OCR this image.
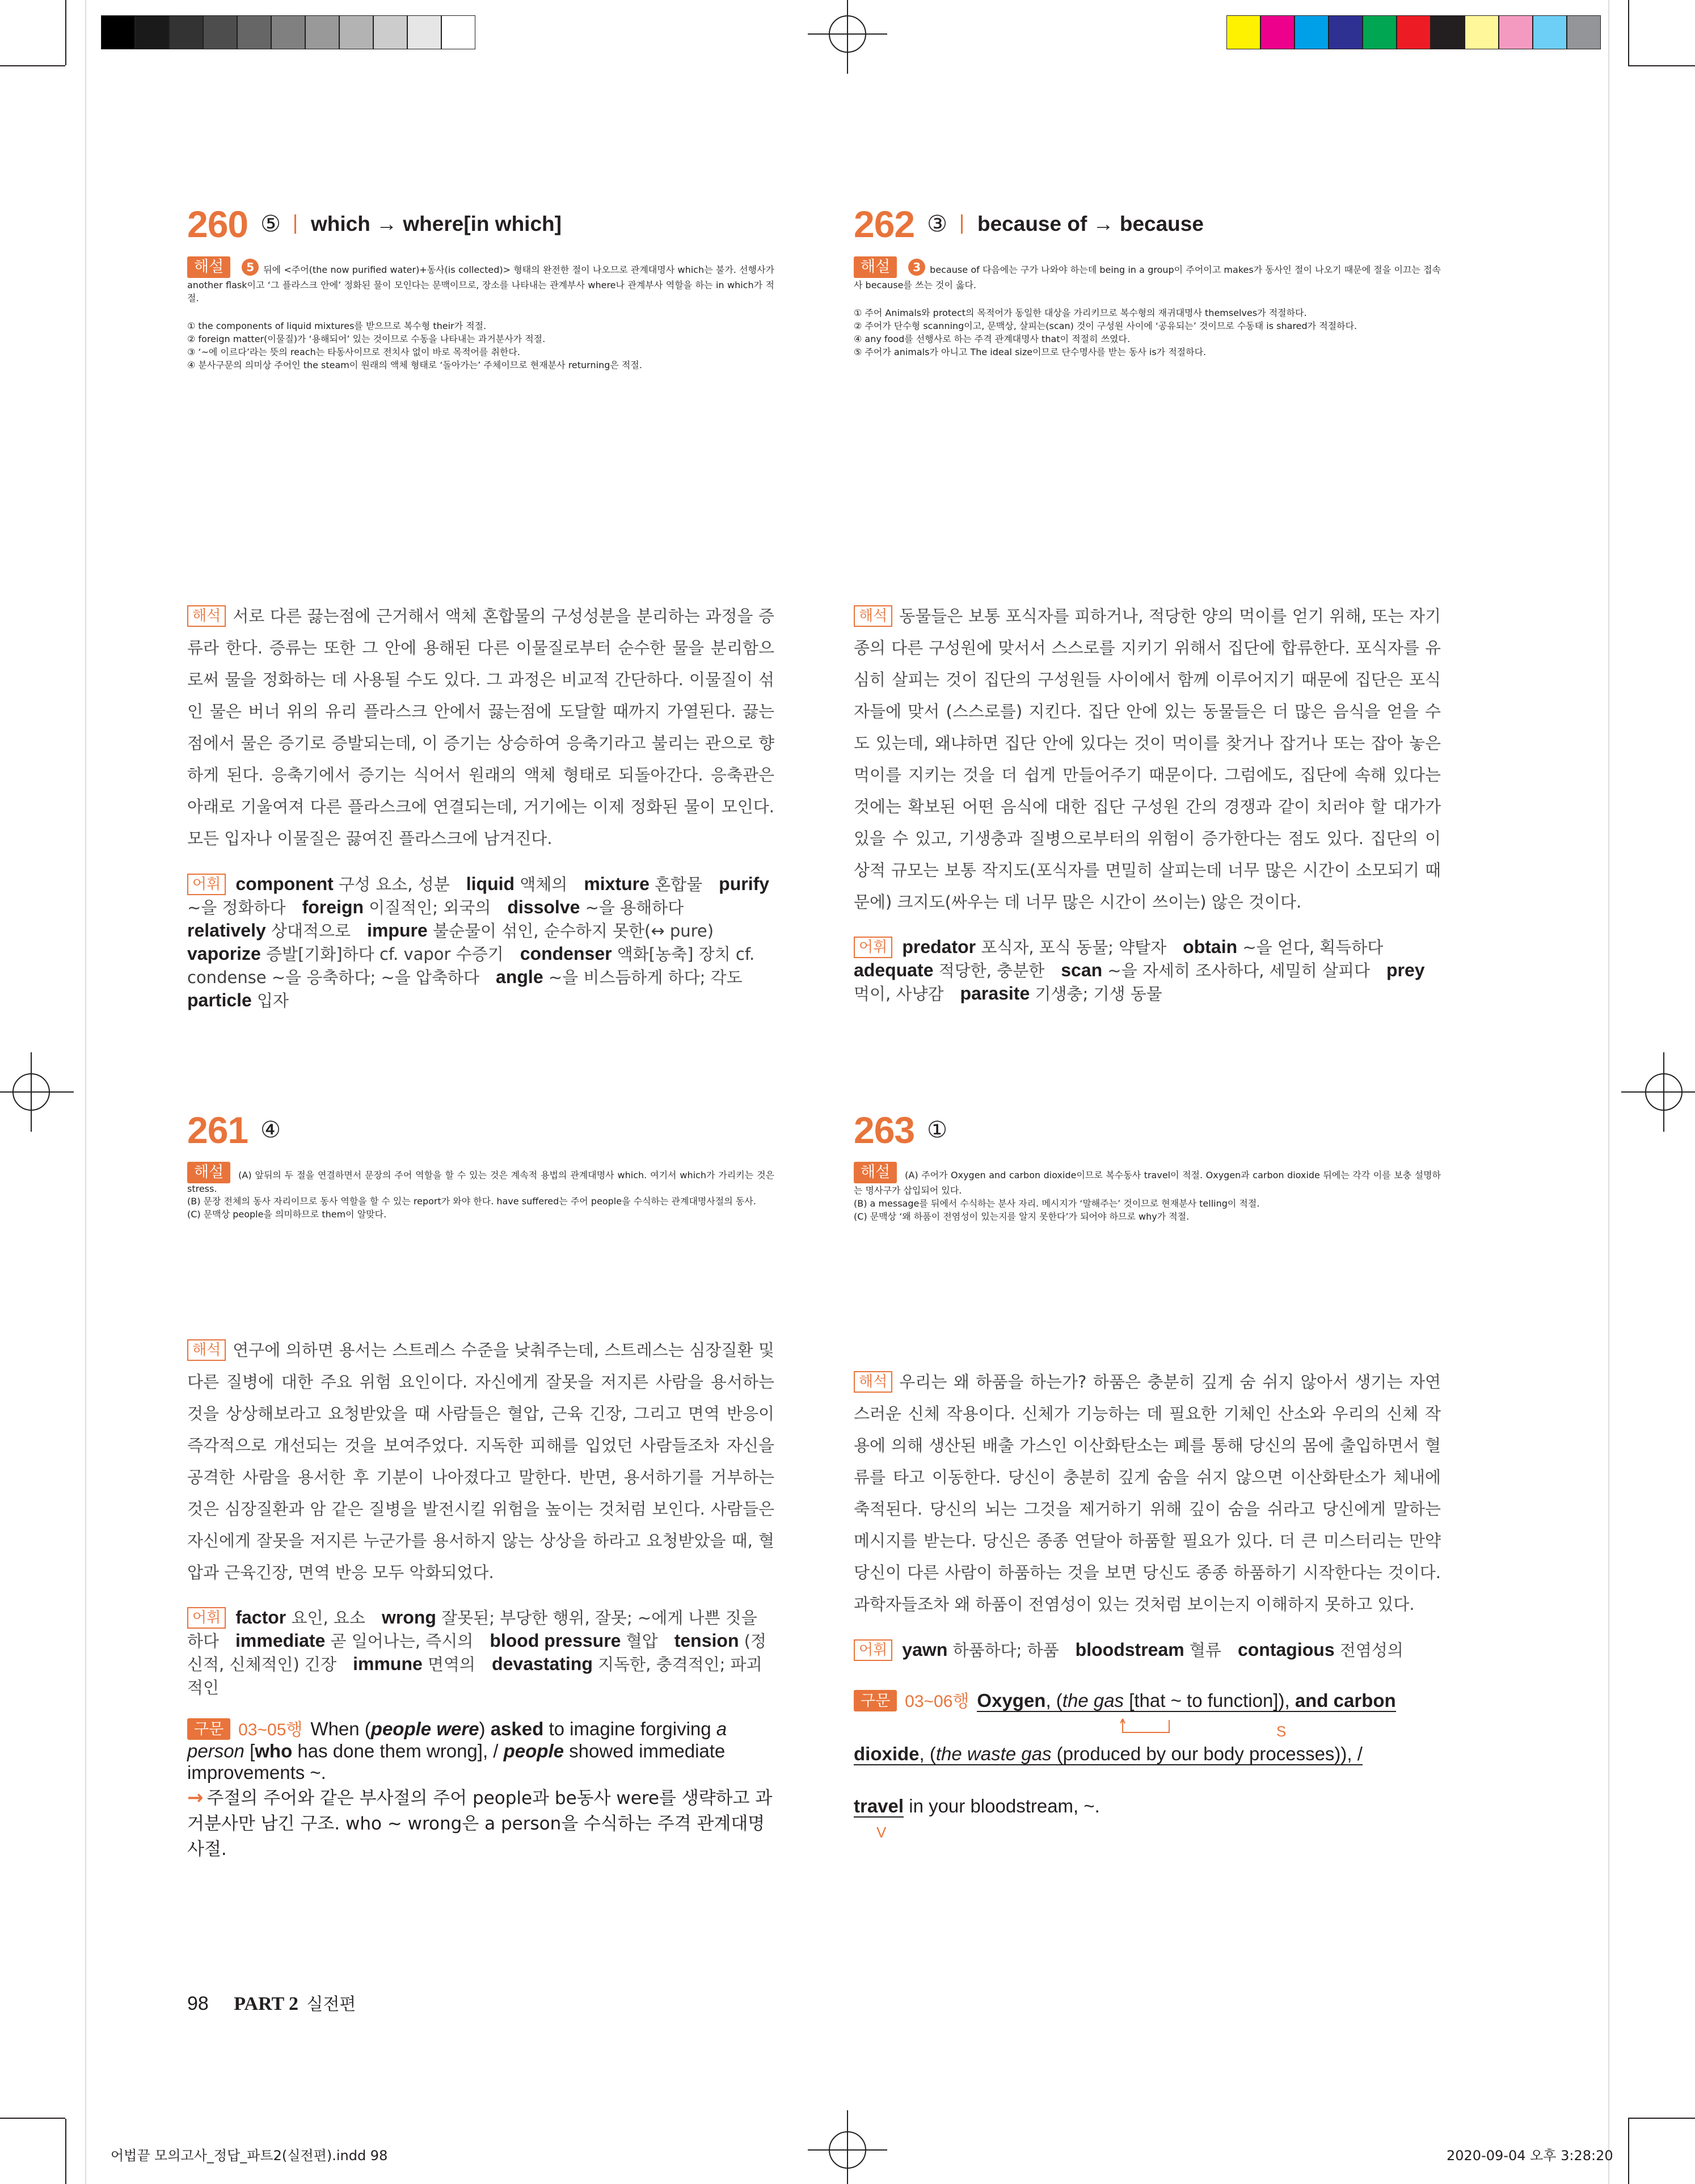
260 ⑤ which → where[in which]

해설 5 뒤에 <주어(the now purified water)+동사(is collected)> 형태의 완전한 절이 나오므로 관계대명사 which는 불가. 선행사가 another flask이고 ‘그 플라스크 안에’ 정화된 물이 모인다는 문맥이므로, 장소를 나타내는 관계부사 where나 관계부사 역할을 하는 in which가 적절.

① the components of liquid mixtures를 받으므로 복수형 their가 적절.

② foreign matter(이물질)가 ‘용해되어’ 있는 것이므로 수동을 나타내는 과거분사가 적절.

③ ‘~에 이르다’라는 뜻의 reach는 타동사이므로 전치사 없이 바로 목적어를 취한다.

④ 분사구문의 의미상 주어인 the steam이 원래의 액체 형태로 ‘돌아가는’ 주체이므로 현재분사 returning은 적절.

해석 서로 다른 끓는점에 근거해서 액체 혼합물의 구성성분을 분리하는 과정을 증류라 한다. 증류는 또한 그 안에 용해된 다른 이물질로부터 순수한 물을 분리함으로써 물을 정화하는 데 사용될 수도 있다. 그 과정은 비교적 간단하다. 이물질이 섞인 물은 버너 위의 유리 플라스크 안에서 끓는점에 도달할 때까지 가열된다. 끓는점에서 물은 증기로 증발되는데, 이 증기는 상승하여 응축기라고 불리는 관으로 향하게 된다. 응축기에서 증기는 식어서 원래의 액체 형태로 되돌아간다. 응축관은 아래로 기울여져 다른 플라스크에 연결되는데, 거기에는 이제 정화된 물이 모인다. 모든 입자나 이물질은 끓여진 플라스크에 남겨진다.
어휘 component 구성 요소, 성분 liquid 액체의 mixture 혼합물 purify ~을 정화하다 foreign 이질적인; 외국의 dissolve ~을 용해하다 relatively 상대적으로 impure 불순물이 섞인, 순수하지 못한(↔ pure) vaporize 증발[기화]하다 cf. vapor 수증기 condenser 액화[농축] 장치 cf. condense ~을 응축하다; ~을 압축하다 angle ~을 비스듬하게 하다; 각도 particle 입자 
262 ③ because of → because

해설 3 because of 다음에는 구가 나와야 하는데 being in a group이 주어이고 makes가 동사인 절이 나오기 때문에 절을 이끄는 접속사 because를 쓰는 것이 옳다.

① 주어 Animals와 protect의 목적어가 동일한 대상을 가리키므로 복수형의 재귀대명사 themselves가 적절하다.

② 주어가 단수형 scanning이고, 문맥상, 살피는(scan) 것이 구성원 사이에 ‘공유되는’ 것이므로 수동태 is shared가 적절하다.

④ any food를 선행사로 하는 주격 관계대명사 that이 적절히 쓰였다.

⑤ 주어가 animals가 아니고 The ideal size이므로 단수명사를 받는 동사 is가 적절하다.

해석 동물들은 보통 포식자를 피하거나, 적당한 양의 먹이를 얻기 위해, 또는 자기 종의 다른 구성원에 맞서서 스스로를 지키기 위해서 집단에 합류한다. 포식자를 유심히 살피는 것이 집단의 구성원들 사이에서 함께 이루어지기 때문에 집단은 포식자들에 맞서 (스스로를) 지킨다. 집단 안에 있는 동물들은 더 많은 음식을 얻을 수도 있는데, 왜냐하면 집단 안에 있다는 것이 먹이를 찾거나 잡거나 또는 잡아 놓은 먹이를 지키는 것을 더 쉽게 만들어주기 때문이다. 그럼에도, 집단에 속해 있다는 것에는 확보된 어떤 음식에 대한 집단 구성원 간의 경쟁과 같이 치러야 할 대가가 있을 수 있고, 기생충과 질병으로부터의 위험이 증가한다는 점도 있다. 집단의 이상적 규모는 보통 작지도(포식자를 면밀히 살피는데 너무 많은 시간이 소모되기 때문에) 크지도(싸우는 데 너무 많은 시간이 쓰이는) 않은 것이다.
어휘 predator 포식자, 포식 동물; 약탈자 obtain ~을 얻다, 획득하다 adequate 적당한, 충분한 scan ~을 자세히 조사하다, 세밀히 살피다 prey 먹이, 사냥감 parasite 기생충; 기생 동물 
261 ④

해설 (A) 앞뒤의 두 절을 연결하면서 문장의 주어 역할을 할 수 있는 것은 계속적 용법의 관계대명사 which. 여기서 which가 가리키는 것은 stress.

(B) 문장 전체의 동사 자리이므로 동사 역할을 할 수 있는 report가 와야 한다. have suffered는 주어 people을 수식하는 관계대명사절의 동사.

(C) 문맥상 people을 의미하므로 them이 알맞다.

해석 연구에 의하면 용서는 스트레스 수준을 낮춰주는데, 스트레스는 심장질환 및 다른 질병에 대한 주요 위험 요인이다. 자신에게 잘못을 저지른 사람을 용서하는 것을 상상해보라고 요청받았을 때 사람들은 혈압, 근육 긴장, 그리고 면역 반응이 즉각적으로 개선되는 것을 보여주었다. 지독한 피해를 입었던 사람들조차 자신을 공격한 사람을 용서한 후 기분이 나아졌다고 말한다. 반면, 용서하기를 거부하는 것은 심장질환과 암 같은 질병을 발전시킬 위험을 높이는 것처럼 보인다. 사람들은 자신에게 잘못을 저지른 누군가를 용서하지 않는 상상을 하라고 요청받았을 때, 혈압과 근육긴장, 면역 반응 모두 악화되었다.
어휘 factor 요인, 요소 wrong 잘못된; 부당한 행위, 잘못; ~에게 나쁜 짓을 하다 immediate 곧 일어나는, 즉시의 blood pressure 혈압 tension (정신적, 신체적인) 긴장 immune 면역의 devastating 지독한, 충격적인; 파괴적인 
구문 03~05행 When (people were) asked to imagine forgiving a person [who has done them wrong], / people showed immediate improvements ~.
→ 주절의 주어와 같은 부사절의 주어 people과 be동사 were를 생략하고 과거분사만 남긴 구조. who ~ wrong은 a person을 수식하는 주격 관계대명사절.
263 ①

해설 (A) 주어가 Oxygen and carbon dioxide이므로 복수동사 travel이 적절. Oxygen과 carbon dioxide 뒤에는 각각 이를 보충 설명하는 명사구가 삽입되어 있다.

(B) a message를 뒤에서 수식하는 분사 자리. 메시지가 ‘말해주는’ 것이므로 현재분사 telling이 적절.

(C) 문맥상 ‘왜 하품이 전염성이 있는지를 알지 못한다’가 되어야 하므로 why가 적절.

해석 우리는 왜 하품을 하는가? 하품은 충분히 깊게 숨 쉬지 않아서 생기는 자연스러운 신체 작용이다. 신체가 기능하는 데 필요한 기체인 산소와 우리의 신체 작용에 의해 생산된 배출 가스인 이산화탄소는 폐를 통해 당신의 몸에 출입하면서 혈류를 타고 이동한다. 당신이 충분히 깊게 숨을 쉬지 않으면 이산화탄소가 체내에 축적된다. 당신의 뇌는 그것을 제거하기 위해 깊이 숨을 쉬라고 당신에게 말하는 메시지를 받는다. 당신은 종종 연달아 하품할 필요가 있다. 더 큰 미스터리는 만약 당신이 다른 사람이 하품하는 것을 보면 당신도 종종 하품하기 시작한다는 것이다. 과학자들조차 왜 하품이 전염성이 있는 것처럼 보이는지 이해하지 못하고 있다.
어휘 yawn 하품하다; 하품 bloodstream 혈류 contagious 전염성의 
구문 03~06행 Oxygen, (the gas [that ~ to function]), and carbon
S
dioxide, (the waste gas (produced by our body processes)), /
travel in your bloodstream, ~.
V
98 PART 2 실전편
어법끝 모의고사_정답_파트2(실전편).indd 98	2020-09-04 오후 3:28:20
